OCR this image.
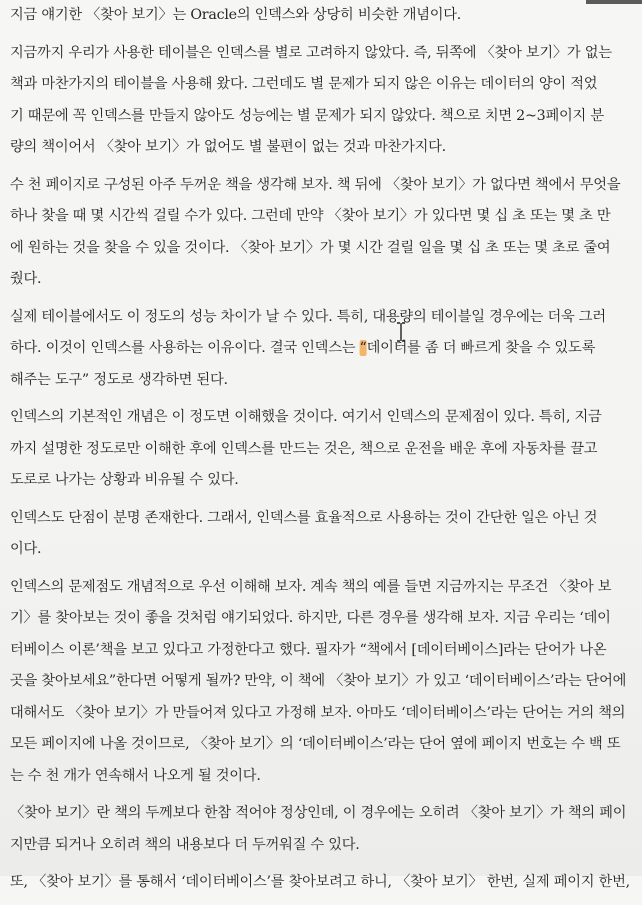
지금 얘기한 〈찾아 보기〉는 Oracle의 인덱스와 상당히 비슷한 개념이다.

지금까지 우리가 사용한 테이블은 인덱스를 별로 고려하지 않았다. 즉, 뒤쪽에 〈찾아 보기〉가 없는
책과 마찬가지의 테이블을 사용해 왔다. 그런데도 별 문제가 되지 않은 이유는 데이터의 양이 적었
기 때문에 꼭 인덱스를 만들지 않아도 성능에는 별 문제가 되지 않았다. 책으로 치면 2~3페이지 분
량의 책이어서 〈찾아 보기〉가 없어도 별 불편이 없는 것과 마찬가지다.

수 천 페이지로 구성된 아주 두꺼운 책을 생각해 보자. 책 뒤에 〈찾아 보기〉가 없다면 책에서 무엇을
하나 찾을 때 몇 시간씩 걸릴 수가 있다. 그런데 만약 〈찾아 보기〉가 있다면 몇 십 초 또는 몇 초 만
에 원하는 것을 찾을 수 있을 것이다. 〈찾아 보기〉가 몇 시간 걸릴 일을 몇 십 초 또는 몇 초로 줄여
줬다.

실제 테이블에서도 이 정도의 성능 차이가 날 수 있다. 특히, 대용량의 테이블일 경우에는 더욱 그러
하다. 이것이 인덱스를 사용하는 이유이다. 결국 인덱스는 “데이터를 좀 더 빠르게 찾을 수 있도록
해주는 도구” 정도로 생각하면 된다.

인덱스의 기본적인 개념은 이 정도면 이해했을 것이다. 여기서 인덱스의 문제점이 있다. 특히, 지금
까지 설명한 정도로만 이해한 후에 인덱스를 만드는 것은, 책으로 운전을 배운 후에 자동차를 끌고
도로로 나가는 상황과 비유될 수 있다.

인덱스도 단점이 분명 존재한다. 그래서, 인덱스를 효율적으로 사용하는 것이 간단한 일은 아닌 것
이다.

인덱스의 문제점도 개념적으로 우선 이해해 보자. 계속 책의 예를 들면 지금까지는 무조건 〈찾아 보
기〉를 찾아보는 것이 좋을 것처럼 얘기되었다. 하지만, 다른 경우를 생각해 보자. 지금 우리는 ‘데이
터베이스 이론’책을 보고 있다고 가정한다고 했다. 필자가 “책에서 [데이터베이스]라는 단어가 나온
곳을 찾아보세요”한다면 어떻게 될까? 만약, 이 책에 〈찾아 보기〉가 있고 ‘데이터베이스’라는 단어에
대해서도 〈찾아 보기〉가 만들어져 있다고 가정해 보자. 아마도 ‘데이터베이스’라는 단어는 거의 책의
모든 페이지에 나올 것이므로, 〈찾아 보기〉의 ‘데이터베이스’라는 단어 옆에 페이지 번호는 수 백 또
는 수 천 개가 연속해서 나오게 될 것이다.

〈찾아 보기〉란 책의 두께보다 한참 적어야 정상인데, 이 경우에는 오히려 〈찾아 보기〉가 책의 페이
지만큼 되거나 오히려 책의 내용보다 더 두꺼워질 수 있다.

또, 〈찾아 보기〉를 통해서 ‘데이터베이스’를 찾아보려고 하니, 〈찾아 보기〉 한번, 실제 페이지 한번,
